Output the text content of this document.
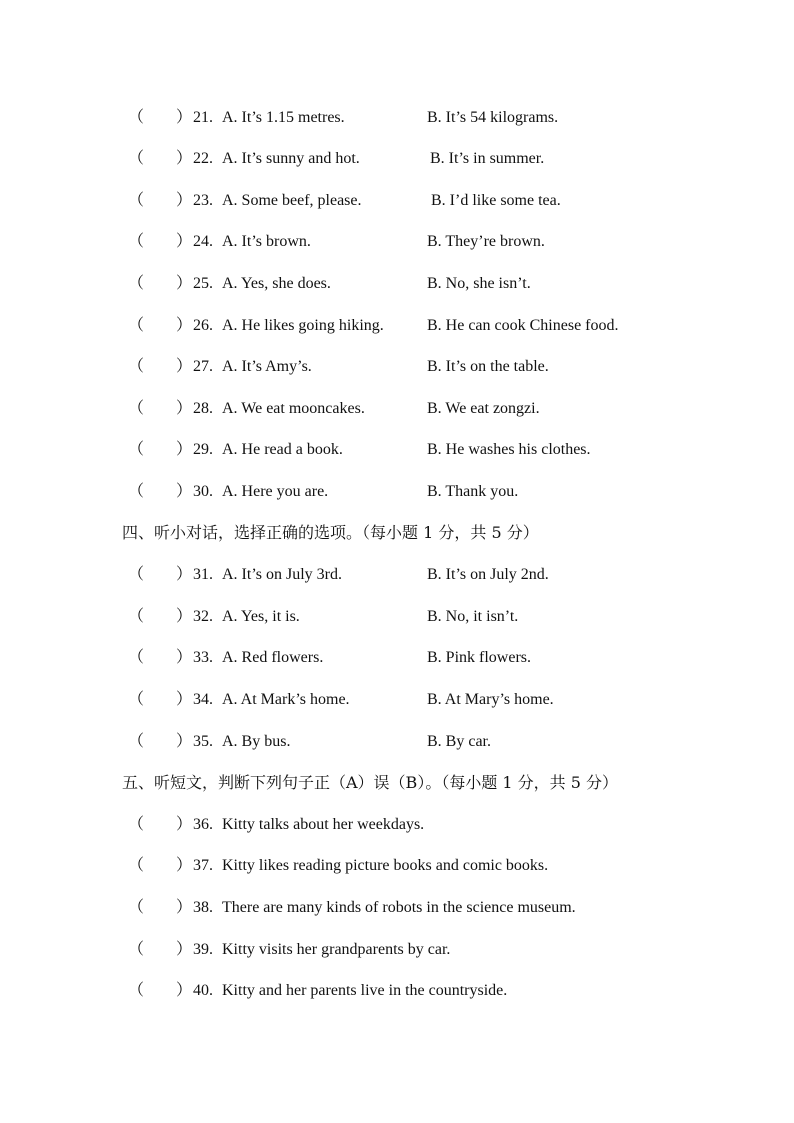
（ ） 21. A. It’s 1.15 metres.	B. It’s 54 kilograms.
（ ） 22. A. It’s sunny and hot.	B. It’s in summer.
（ ） 23. A. Some beef, please.	B. I’d like some tea.
（ ） 24. A. It’s brown.	B. They’re brown.
（ ） 25. A. Yes, she does.	B. No, she isn’t.
（ ） 26. A. He likes going hiking.	B. He can cook Chinese food.
（ ） 27. A. It’s Amy’s.	B. It’s on the table.
（ ） 28. A. We eat mooncakes.	B. We eat zongzi.
（ ） 29. A. He read a book.	B. He washes his clothes.
（ ） 30. A. Here you are.	B. Thank you.
四、听小对话，选择正确的选项。（每小题 1 分，共 5 分）
（ ） 31. A. It’s on July 3rd.	B. It’s on July 2nd.
（ ） 32. A. Yes, it is.	B. No, it isn’t.
（ ） 33. A. Red flowers.	B. Pink flowers.
（ ） 34. A. At Mark’s home.	B. At Mary’s home.
（ ） 35. A. By bus.	B. By car.
五、听短文，判断下列句子正（A）误（B）。（每小题 1 分，共 5 分）
（ ） 36. Kitty talks about her weekdays.
（ ） 37. Kitty likes reading picture books and comic books.
（ ） 38. There are many kinds of robots in the science museum.
（ ） 39. Kitty visits her grandparents by car.
（ ） 40. Kitty and her parents live in the countryside.
